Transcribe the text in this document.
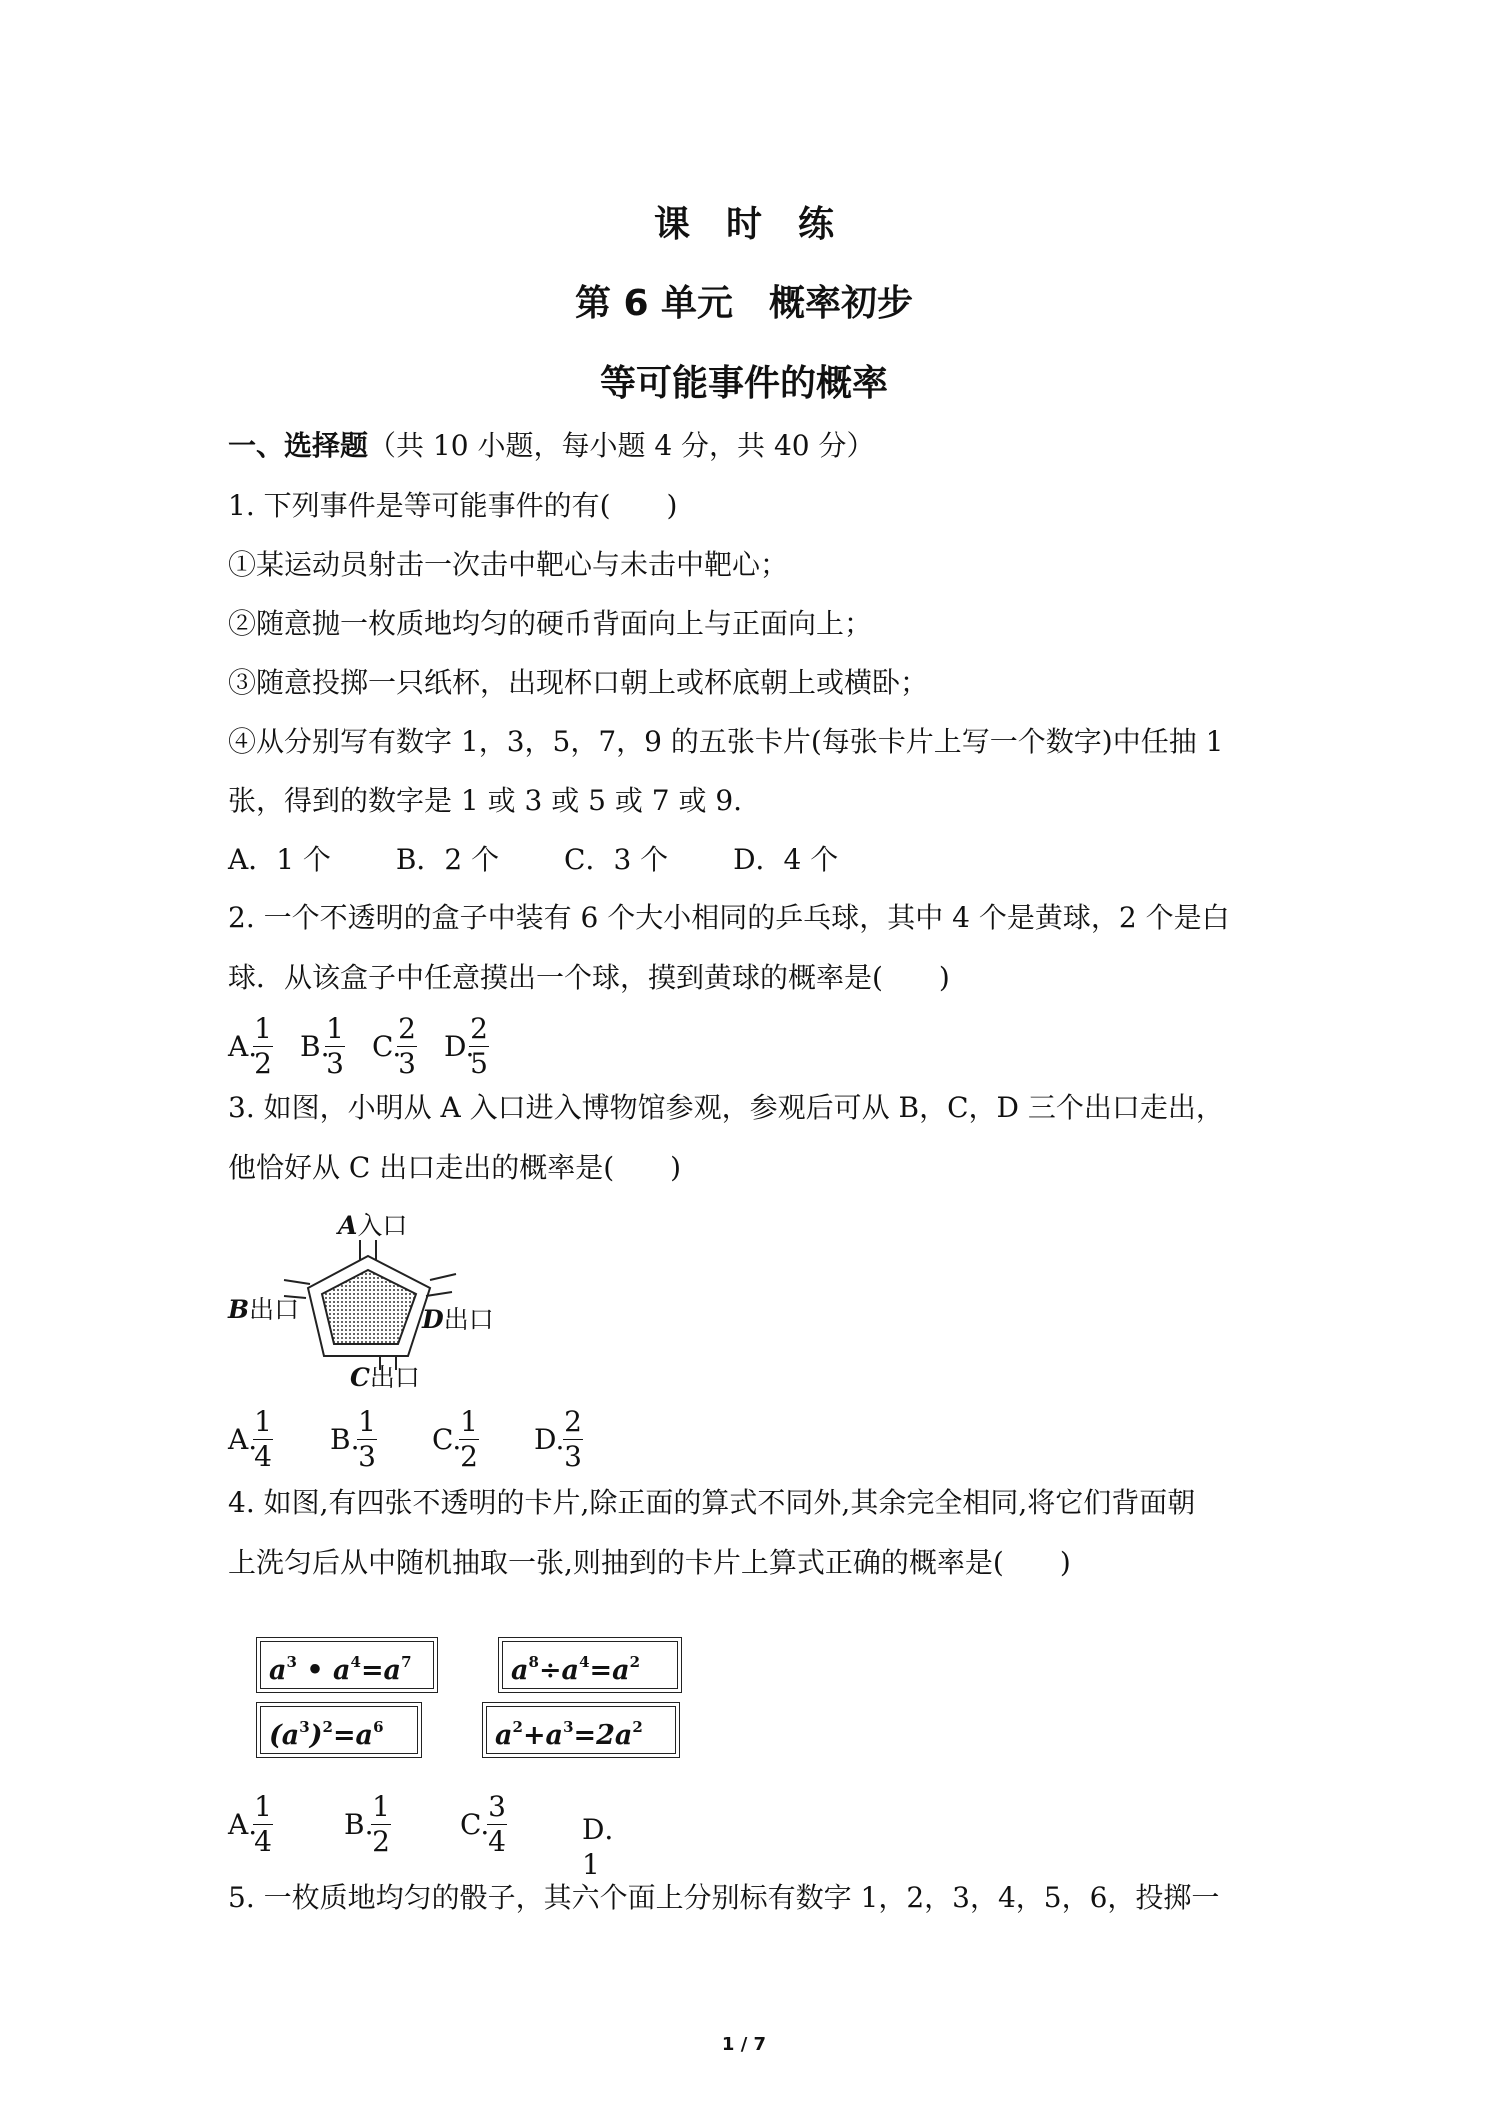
课　时　练
第 6 单元　概率初步
等可能事件的概率
一、选择题（共 10 小题，每小题 4 分，共 40 分）
1. 下列事件是等可能事件的有(　　)
①某运动员射击一次击中靶心与未击中靶心；
②随意抛一枚质地均匀的硬币背面向上与正面向上；
③随意投掷一只纸杯，出现杯口朝上或杯底朝上或横卧；
④从分别写有数字 1，3，5，7，9 的五张卡片(每张卡片上写一个数字)中任抽 1
张，得到的数字是 1 或 3 或 5 或 7 或 9.
A．1 个 B．2 个 C．3 个 D．4 个
2. 一个不透明的盒子中装有 6 个大小相同的乒乓球，其中 4 个是黄球，2 个是白
球．从该盒子中任意摸出一个球，摸到黄球的概率是(　　)
A.
1
2
B.
1
3
C.
2
3
D.
2
5
3. 如图，小明从 A 入口进入博物馆参观，参观后可从 B，C，D 三个出口走出，
他恰好从 C 出口走出的概率是(　　)
A入口
B出口	D出口
C出口
A.
1
4
B.
1
3
C.
1
2
D.
2
3
4. 如图,有四张不透明的卡片,除正面的算式不同外,其余完全相同,将它们背面朝
上洗匀后从中随机抽取一张,则抽到的卡片上算式正确的概率是(　　)
$a^3$ • $a^4=a^7$	$a^8\div a^4=a^2$
$(a^3)^2=a^6$	$a^2+a^3=2a^2$
A.
1
4
B.
1
2
C.
3
4	D．1
5. 一枚质地均匀的骰子，其六个面上分别标有数字 1，2，3，4，5，6，投掷一
1 / 7
